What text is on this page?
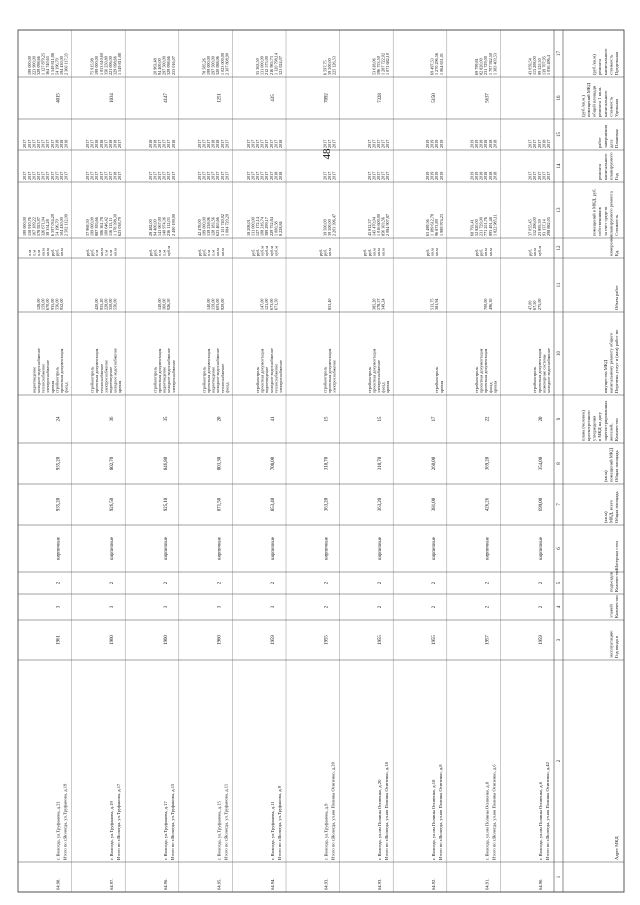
48
Адрес МКД
Год ввода в
эксплуатацию
Количество
этажей
Количество
подъездов
Материал стен
Общая площадь
МКД, всего
(кв.м)
Общая площадь
помещений МКД
(кв.м)
Количество
жителей,
зарегистрированных
в МКД на дату
утверждения
краткосрочного
плана (человек)
Перечень услуг и (или) работ по
капитальному ремонту общего
имущества МКД
Объем работ
Ед.
измерения
Стоимость
планируемого ремонта
за счет средств
собственников
помещений в МКД, руб.
Год
планируемого
капитального
ремонта
Плановая
дата
завершения
работ
Удельная
стоимость
капитального
ремонта 1 кв.м.
общей площади
помещений МКД
(руб./кв.м.)
Предельная
стоимость
капитального
ремонта
(руб./кв.м)
1
2
3
4
5
6
7
8
9
10
11
12
13
14
15
16
17
Итого по г.Вологда, ул.им Полины Осипенко, д.42
64.90.
г. Вологда, ул.им Полины Осипенко, д.6
1959
2
2
кирпичные
699,00
354,00
20
холодное водоснабжение
инженерные системы
проектная документация
стройконтроль
275,00
67,50
47,00
куб.м
кв.м
руб.
298 882,05
93 137,14
23 895,39
112 206,00
37 055,45
2017
2017
2017
2017
2017
2017
2018
2017
2017
2017
1 036 496,4
139 707,95
99 525,30
113 208,00
43 059,54
Итого по г.Вологда, ул.им Полины Осипенко, д.6
64.91.
г. Вологда, ул.им Полины Осипенко, д.8
1957
2
2
кирпичные
426,26
369,20
22
5637
кровля
фасад
проектная документация
проектная документация
стройконтроль
496,30
700,00
кв.м
кв.м
руб.
руб.
1 822 985,11
893 491,48
771 251,76
231 729,00
52 820,00
68 793,41
2018
2018
2018
2018
2019
2019
2018
2018
2018
2018
2019
2019
1 383 403,53
1 707 942,50
231 729,00
82 820,00
69 799,81
Итого по г.Вологда, ул.им Полины Осипенко, д.8
64.92.
г. Вологда, ул.им Полины Осипенко, д.18
1955
2
2
кирпичные
381,00
260,00
17
5150
кровля
стройконтроль
381,94
513,75
кв.м
кв.м
руб.
1 989 974,23
96 871,89
1 189 612,78
63 489,56
2019
2019
2019
2019
2019
2019
2019
2019
1 064 631,01
1 270 296,56
69 497,53
Итого по г.Вологда, ул.им Полины Осипенко, д.18
64.93.
г. Вологда, ул.им Полины Осипенко, д.20
1955
2
2
кирпичные
363,20
310,70
15
7328
кровля
фасад
электроснабжение
проектная документация
стройконтроль
349,24
578,57
385,20
кв.м
кв.м
кв.м
руб.
руб.
2 084 907,87
856 303,56
1 016 600,00
145 470,04
45 812,37
2017
2017
2017
2017
2017
2017
2017
2017
2017
2017
1 071 682,10
1 287 722,02
196 753,50
53 618,06
Итого по г.Вологда, ул.им Полины Осипенко, д.20
64.93.
г. Вологда, ул.Труфанова, д.9
1955
2
2
кирпичные
363,20
310,70
15
7092
электроснабжение
проектная документация
стройконтроль
853,40
кв.м
руб.
руб.
2 203 396,47
39 500,00
39 500,00
2017
2017
2017
2017
2017
2017
225 126,53
39 500,00
6 597,75
Итого по г.Вологда, ул.Труфанова, д.9
64.94.
г. Вологда, ул.Труфанова, д.11
1959
3
2
кирпичные
853,40
708,00
41
435
электроснабжение
теплоснабжение
холодное водоснабжение
водоотведение
проектная документация
стройконтроль
671,50
673,00
121,00
147,00
куб.м
куб.м
куб.м
куб.м
руб.
руб.
8 228,84
1 000,58
229 752,84
389 299,17
108 216,74
127 172,14
131 000,00
18 208,01
2018
2018
2017
2017
2017
2017
2017
2017
2018
2017
2017
2017
2017
2017
2017
2017
321 024,07
1 120 798,14
216 985,73
212 575,00
131 000,00
35 363,50
Итого по г.Вологда, ул.Труфанова, д.11
64.95.
г. Вологда, ул.Труфанова, д.15
1960
3
2
кирпичные
871,50
803,30
20
1251
фасад
теплоснабжение
холодное водоснабжение
водоотведение
проектная документация
стройконтроль
929,00
603,00
159,00
140,00
кв.м
кв.м
п.м
п.м
руб.
руб.
1 084 720,29
1 151 740,02
623 465,66
128 183,56
139 238,06
199 000,00
42 478,00
2017
2017
2017
2017
2017
2017
2017
2017
2017
2018
2018
2017
2017
2017
2 307 808,90
1 023 000,00
320 088,06
297 500,00
199 000,00
78 585,26
Итого по г.Вологда, ул.Труфанова, д.15
64.96.
г. Вологда, ул.Труфанова, д.17
1960
3
2
кирпичные
925,10
846,80
35
4147
электроснабжение
холодное водоснабжение
водоотведение
проектная документация
стройконтроль
926,50
160,00
140,00
куб.м
п.м
п.м
руб.
руб.
2 490 199,00
236 112,03
140 974,36
141 067,00
94 400,00
28 482,00
2017
2017
2017
2017
2017
2017
2018
2017
2017
2017
2018
2018
253 016,07
329 098,66
297 500,00
94 400,00
20 963,48
Итого по г.Вологда, ул.Труфанова, д.17
64.97.
г. Вологда, ул.Труфанова, д.19
1960
3
2
кирпичные
926,50
802,70
36
1034
кровля
холодное водоснабжение
водоотведение
электроснабжение
теплоснабжение
проектная документация
стройконтроль
556,00
350,00
228,00
935,20
420,00
кв.м
п.м
п.м
кв.м
п.м
руб.
руб.
623 038,79
1 178 398,30
116 115,11
100 646,42
306 361,78
887 395,66
199 000,00
37 969,50
2017
2018
2017
2017
2017
2017
2017
2017
2017
2018
2018
2017
2018
2018
2017
2017
1 549 811,88
329 098,66
221 006,00
356 250,80
1 053 610,60
199 000,00
75 915,98
Итого по г.Вологда, ул.Труфанова, д.19
64.98.
г. Вологда, ул.Труфанова, д.21
1961
3
2
кирпичные
935,20
935,20
24
4015
фасад
проектная документация
стройконтроль
кровля
электроснабжение
теплоснабжение
холодное водоснабжение
водоотведение
952,00
556,00
935,00
670,00
159,00
128,00
кв.м
руб.
руб.
кв.м
кв.м
п.м
п.м
п.м
2 502 112,09
104 430,00
54 196,70
6 597 034,29
38 354,28
326 671,04
578 923,97
167 109,22
158 910,76
199 000,00
2017
2017
2017
2017
2017
2017
2017
2017
2017
2017
2018
2018
2018
2017
2017
2017
2017
2017
2017
2017
2 360 117,35
194 430,00
54 196,70
1 549 811,88
364 740,65
1 127 879,25
329 098,66
223 900,00
199 000,00
